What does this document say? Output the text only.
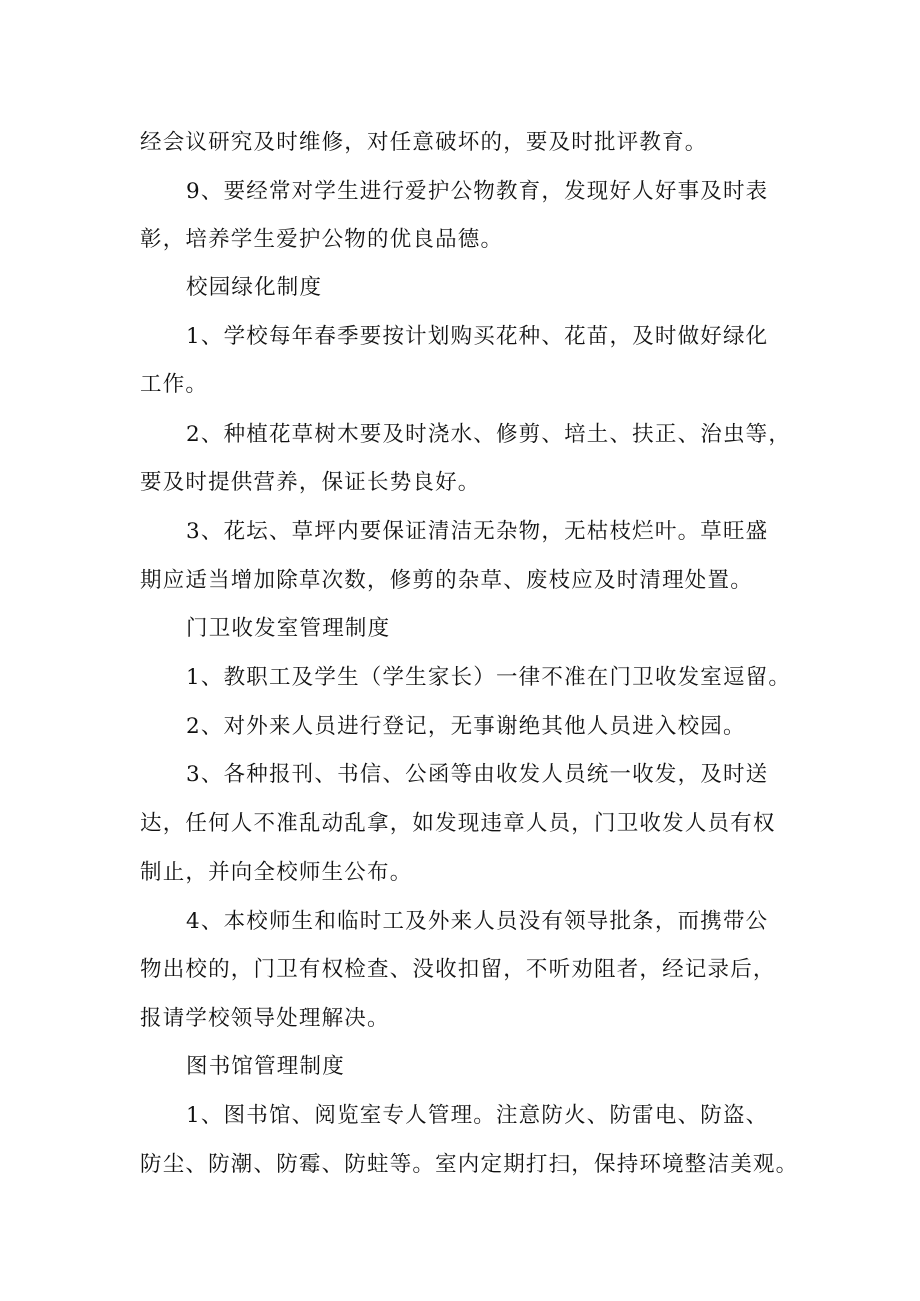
经会议研究及时维修，对任意破坏的，要及时批评教育。
9、要经常对学生进行爱护公物教育，发现好人好事及时表
彰，培养学生爱护公物的优良品德。
校园绿化制度
1、学校每年春季要按计划购买花种、花苗，及时做好绿化
工作。
2、种植花草树木要及时浇水、修剪、培土、扶正、治虫等，
要及时提供营养，保证长势良好。
3、花坛、草坪内要保证清洁无杂物，无枯枝烂叶。草旺盛
期应适当增加除草次数，修剪的杂草、废枝应及时清理处置。
门卫收发室管理制度
1、教职工及学生（学生家长）一律不准在门卫收发室逗留。
2、对外来人员进行登记，无事谢绝其他人员进入校园。
3、各种报刊、书信、公函等由收发人员统一收发，及时送
达，任何人不准乱动乱拿，如发现违章人员，门卫收发人员有权
制止，并向全校师生公布。
4、本校师生和临时工及外来人员没有领导批条，而携带公
物出校的，门卫有权检查、没收扣留，不听劝阻者，经记录后，
报请学校领导处理解决。
图书馆管理制度
1、图书馆、阅览室专人管理。注意防火、防雷电、防盗、
防尘、防潮、防霉、防蛀等。室内定期打扫，保持环境整洁美观。
